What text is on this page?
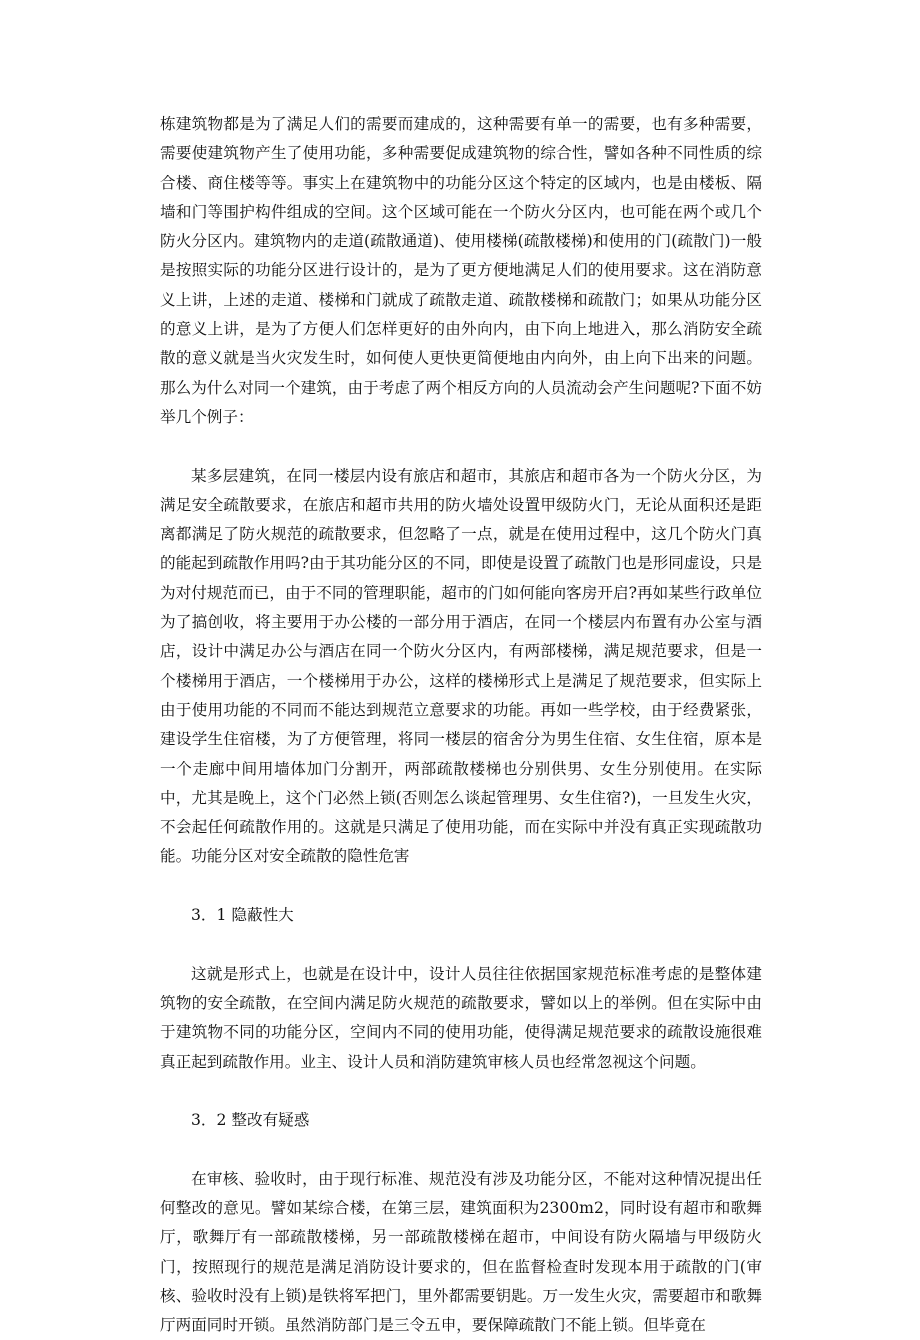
栋建筑物都是为了满足人们的需要而建成的，这种需要有单一的需要，也有多种需要，需要使建筑物产生了使用功能，多种需要促成建筑物的综合性，譬如各种不同性质的综合楼、商住楼等等。事实上在建筑物中的功能分区这个特定的区域内，也是由楼板、隔墙和门等围护构件组成的空间。这个区域可能在一个防火分区内，也可能在两个或几个防火分区内。建筑物内的走道(疏散通道)、使用楼梯(疏散楼梯)和使用的门(疏散门)一般是按照实际的功能分区进行设计的，是为了更方便地满足人们的使用要求。这在消防意义上讲，上述的走道、楼梯和门就成了疏散走道、疏散楼梯和疏散门；如果从功能分区的意义上讲，是为了方便人们怎样更好的由外向内，由下向上地进入，那么消防安全疏散的意义就是当火灾发生时，如何使人更快更简便地由内向外，由上向下出来的问题。那么为什么对同一个建筑，由于考虑了两个相反方向的人员流动会产生问题呢?下面不妨举几个例子：

某多层建筑，在同一楼层内设有旅店和超市，其旅店和超市各为一个防火分区，为满足安全疏散要求，在旅店和超市共用的防火墙处设置甲级防火门，无论从面积还是距离都满足了防火规范的疏散要求，但忽略了一点，就是在使用过程中，这几个防火门真的能起到疏散作用吗?由于其功能分区的不同，即使是设置了疏散门也是形同虚设，只是为对付规范而已，由于不同的管理职能，超市的门如何能向客房开启?再如某些行政单位为了搞创收，将主要用于办公楼的一部分用于酒店，在同一个楼层内布置有办公室与酒店，设计中满足办公与酒店在同一个防火分区内，有两部楼梯，满足规范要求，但是一个楼梯用于酒店，一个楼梯用于办公，这样的楼梯形式上是满足了规范要求，但实际上由于使用功能的不同而不能达到规范立意要求的功能。再如一些学校，由于经费紧张，建设学生住宿楼，为了方便管理，将同一楼层的宿舍分为男生住宿、女生住宿，原本是一个走廊中间用墙体加门分割开，两部疏散楼梯也分别供男、女生分别使用。在实际中，尤其是晚上，这个门必然上锁(否则怎么谈起管理男、女生住宿?)，一旦发生火灾，不会起任何疏散作用的。这就是只满足了使用功能，而在实际中并没有真正实现疏散功能。功能分区对安全疏散的隐性危害

3．1 隐蔽性大

这就是形式上，也就是在设计中，设计人员往往依据国家规范标准考虑的是整体建筑物的安全疏散，在空间内满足防火规范的疏散要求，譬如以上的举例。但在实际中由于建筑物不同的功能分区，空间内不同的使用功能，使得满足规范要求的疏散设施很难真正起到疏散作用。业主、设计人员和消防建筑审核人员也经常忽视这个问题。

3．2 整改有疑惑

在审核、验收时，由于现行标准、规范没有涉及功能分区，不能对这种情况提出任何整改的意见。譬如某综合楼，在第三层，建筑面积为2300m2，同时设有超市和歌舞厅，歌舞厅有一部疏散楼梯，另一部疏散楼梯在超市，中间设有防火隔墙与甲级防火门，按照现行的规范是满足消防设计要求的，但在监督检查时发现本用于疏散的门(审核、验收时没有上锁)是铁将军把门，里外都需要钥匙。万一发生火灾，需要超市和歌舞厅两面同时开锁。虽然消防部门是三令五申，要保障疏散门不能上锁。但毕竟在
